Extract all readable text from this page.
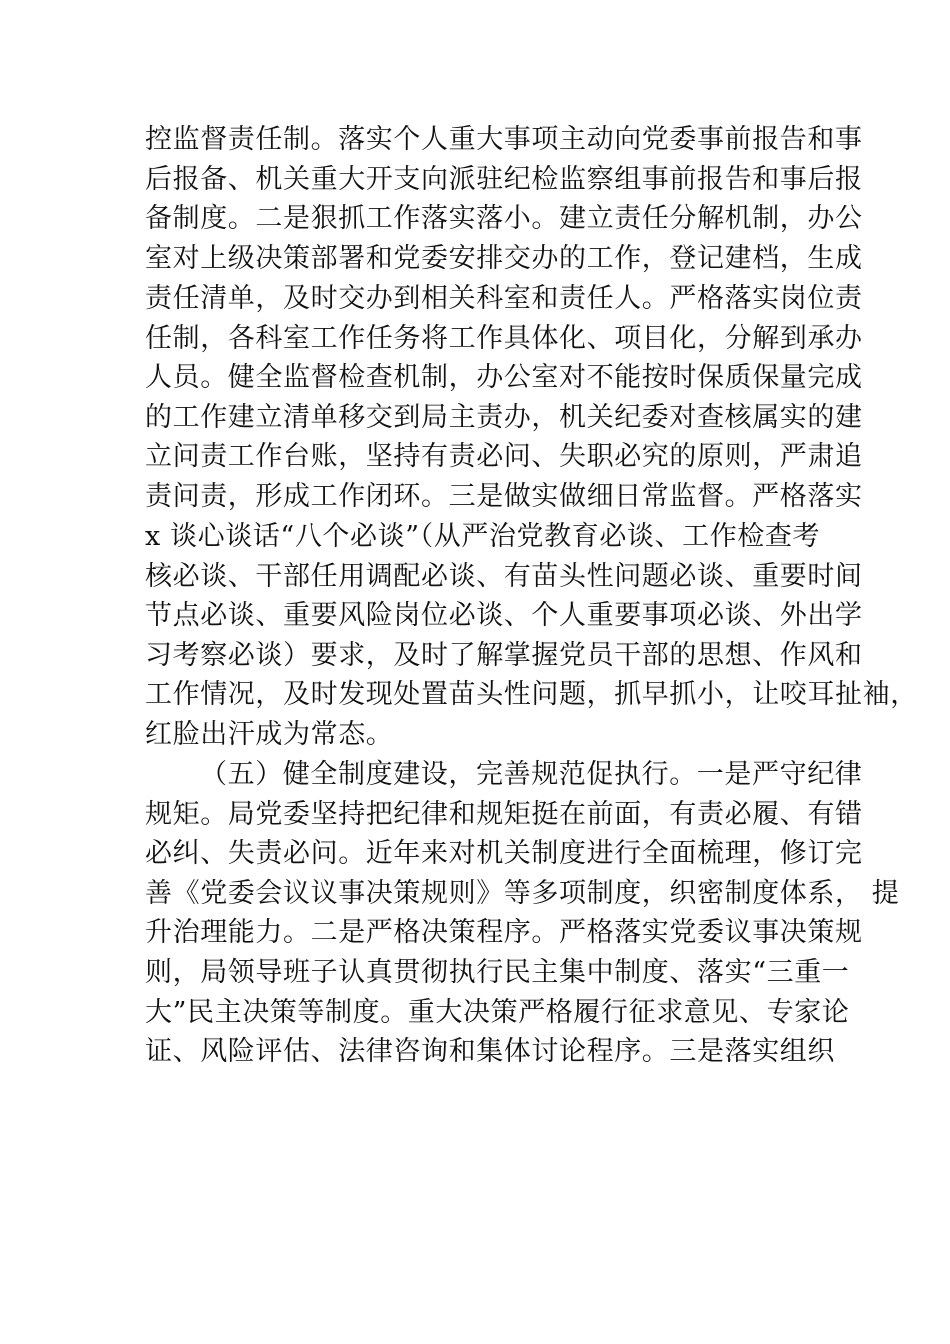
控监督责任制。落实个人重大事项主动向党委事前报告和事
后报备、机关重大开支向派驻纪检监察组事前报告和事后报
备制度。二是狠抓工作落实落小。建立责任分解机制，办公
室对上级决策部署和党委安排交办的工作，登记建档，生成
责任清单，及时交办到相关科室和责任人。严格落实岗位责
任制，各科室工作任务将工作具体化、项目化，分解到承办
人员。健全监督检查机制，办公室对不能按时保质保量完成
的工作建立清单移交到局主责办，机关纪委对查核属实的建
立问责工作台账，坚持有责必问、失职必究的原则，严肃追
责问责，形成工作闭环。三是做实做细日常监督。严格落实
x 谈心谈话“八个必谈”（从严治党教育必谈、工作检查考
核必谈、干部任用调配必谈、有苗头性问题必谈、重要时间
节点必谈、重要风险岗位必谈、个人重要事项必谈、外出学
习考察必谈）要求，及时了解掌握党员干部的思想、作风和
工作情况，及时发现处置苗头性问题，抓早抓小，让咬耳扯袖，
红脸出汗成为常态。
（五）健全制度建设，完善规范促执行。一是严守纪律
规矩。局党委坚持把纪律和规矩挺在前面，有责必履、有错
必纠、失责必问。近年来对机关制度进行全面梳理，修订完
善《党委会议议事决策规则》等多项制度，织密制度体系， 提
升治理能力。二是严格决策程序。严格落实党委议事决策规
则，局领导班子认真贯彻执行民主集中制度、落实“三重一
大”民主决策等制度。重大决策严格履行征求意见、专家论
证、风险评估、法律咨询和集体讨论程序。三是落实组织
